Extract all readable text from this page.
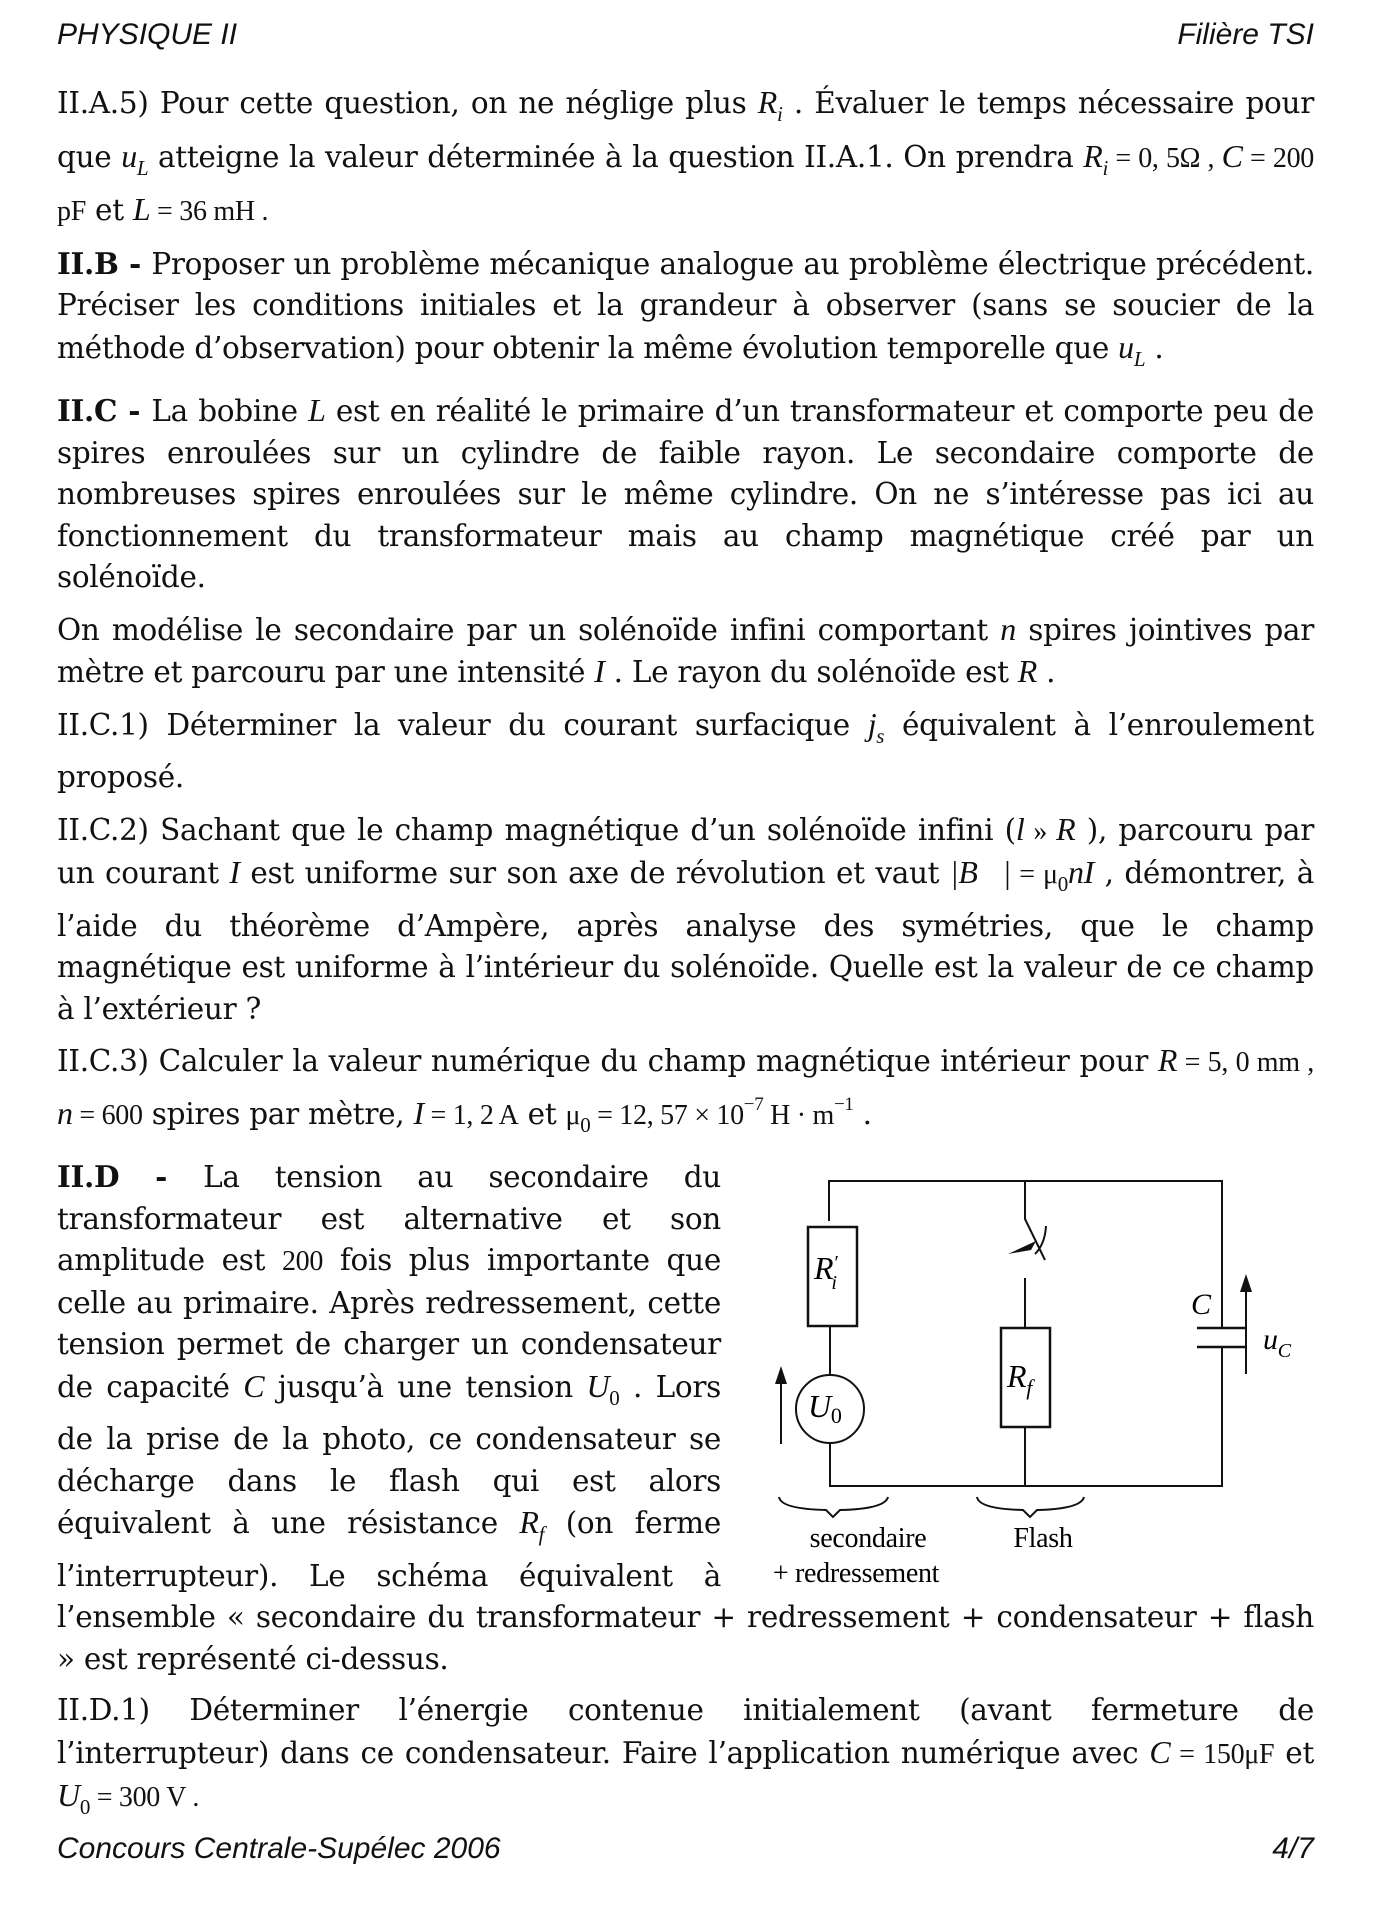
PHYSIQUE II	Filière TSI

II.A.5) Pour cette question, on ne néglige plus $R_i$ . Évaluer le temps nécessaire pour que $u_L$ atteigne la valeur déterminée à la question II.A.1. On prendra $R_i = 0$, 5Ω , C = 200 pF et L = 36 mH .

II.B - Proposer un problème mécanique analogue au problème électrique précédent. Préciser les conditions initiales et la grandeur à observer (sans se soucier de la méthode d’observation) pour obtenir la même évolution temporelle que $u_L$ .

II.C - La bobine L est en réalité le primaire d’un transformateur et comporte peu de spires enroulées sur un cylindre de faible rayon. Le secondaire comporte de nombreuses spires enroulées sur le même cylindre. On ne s’intéresse pas ici au fonctionnement du transformateur mais au champ magnétique créé par un solénoïde.

On modélise le secondaire par un solénoïde infini comportant n spires jointives par mètre et parcouru par une intensité I . Le rayon du solénoïde est R .

II.C.1) Déterminer la valeur du courant surfacique $j_s$ équivalent à l’enroulement proposé.

II.C.2) Sachant que le champ magnétique d’un solénoïde infini (l » R ), parcouru par un courant I est uniforme sur son axe de révolution et vaut |B⃗| = $\mu_0nI$ , démontrer, à l’aide du théorème d’Ampère, après analyse des symétries, que le champ magnétique est uniforme à l’intérieur du solénoïde. Quelle est la valeur de ce champ à l’extérieur ?

II.C.3) Calculer la valeur numérique du champ magnétique intérieur pour R = 5, 0 mm , n = 600 spires par mètre, I = 1, 2 A et $\mu_0 = 12$, $57 \times 10^{-7}$ $H \cdot m^{-1}$ .

R′ i
U0
$R_f$
C
$u_C$
secondaire
+ redressement
Flash
II.D - La tension au secondaire du transformateur est alternative et son amplitude est 200 fois plus importante que celle au primaire. Après redressement, cette tension permet de charger un condensateur de capacité C jusqu’à une tension $U_0$ . Lors de la prise de la photo, ce condensateur se décharge dans le flash qui est alors équivalent à une résistance $R_f$ (on ferme l’interrupteur). Le schéma équivalent à l’ensemble « secondaire du transformateur + redressement + condensateur + flash » est représenté ci-dessus.

II.D.1) Déterminer l’énergie contenue initialement (avant fermeture de l’interrupteur) dans ce condensateur. Faire l’application numérique avec C = 150μF et $U_0 = 300$ V .

Concours Centrale-Supélec 2006	4/7
